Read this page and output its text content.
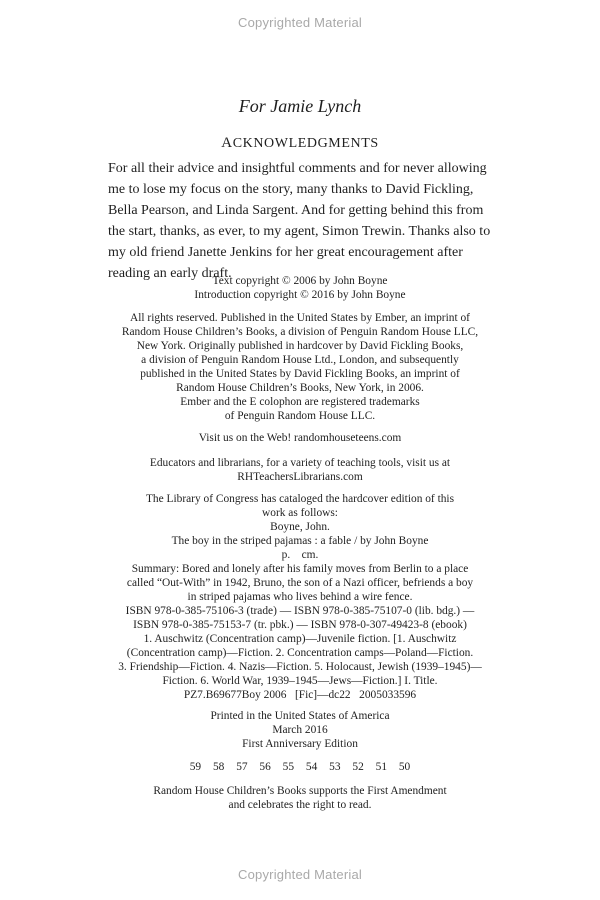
Copyrighted Material
For Jamie Lynch
ACKNOWLEDGMENTS

For all their advice and insightful comments and for never allowing me to lose my focus on the story, many thanks to David Fickling, Bella Pearson, and Linda Sargent. And for getting behind this from the start, thanks, as ever, to my agent, Simon Trewin. Thanks also to my old friend Janette Jenkins for her great encouragement after reading an early draft.

Text copyright © 2006 by John Boyne
Introduction copyright © 2016 by John Boyne

All rights reserved. Published in the United States by Ember, an imprint of
Random House Children’s Books, a division of Penguin Random House LLC,
New York. Originally published in hardcover by David Fickling Books,
a division of Penguin Random House Ltd., London, and subsequently
published in the United States by David Fickling Books, an imprint of
Random House Children’s Books, New York, in 2006.
Ember and the E colophon are registered trademarks
of Penguin Random House LLC.

Visit us on the Web! randomhouseteens.com

Educators and librarians, for a variety of teaching tools, visit us at
RHTeachersLibrarians.com

The Library of Congress has cataloged the hardcover edition of this
work as follows:
Boyne, John.
The boy in the striped pajamas : a fable / by John Boyne
p.    cm.
Summary: Bored and lonely after his family moves from Berlin to a place
called “Out-With” in 1942, Bruno, the son of a Nazi officer, befriends a boy
in striped pajamas who lives behind a wire fence.
ISBN 978-0-385-75106-3 (trade) — ISBN 978-0-385-75107-0 (lib. bdg.) —
ISBN 978-0-385-75153-7 (tr. pbk.) — ISBN 978-0-307-49423-8 (ebook)
1. Auschwitz (Concentration camp)—Juvenile fiction. [1. Auschwitz
(Concentration camp)—Fiction. 2. Concentration camps—Poland—Fiction.
3. Friendship—Fiction. 4. Nazis—Fiction. 5. Holocaust, Jewish (1939–1945)—
Fiction. 6. World War, 1939–1945—Jews—Fiction.] I. Title.
PZ7.B69677Boy 2006   [Fic]—dc22   2005033596

Printed in the United States of America
March 2016
First Anniversary Edition

59 58 57 56 55 54 53 52 51 50

Random House Children’s Books supports the First Amendment
and celebrates the right to read.

Copyrighted Material
